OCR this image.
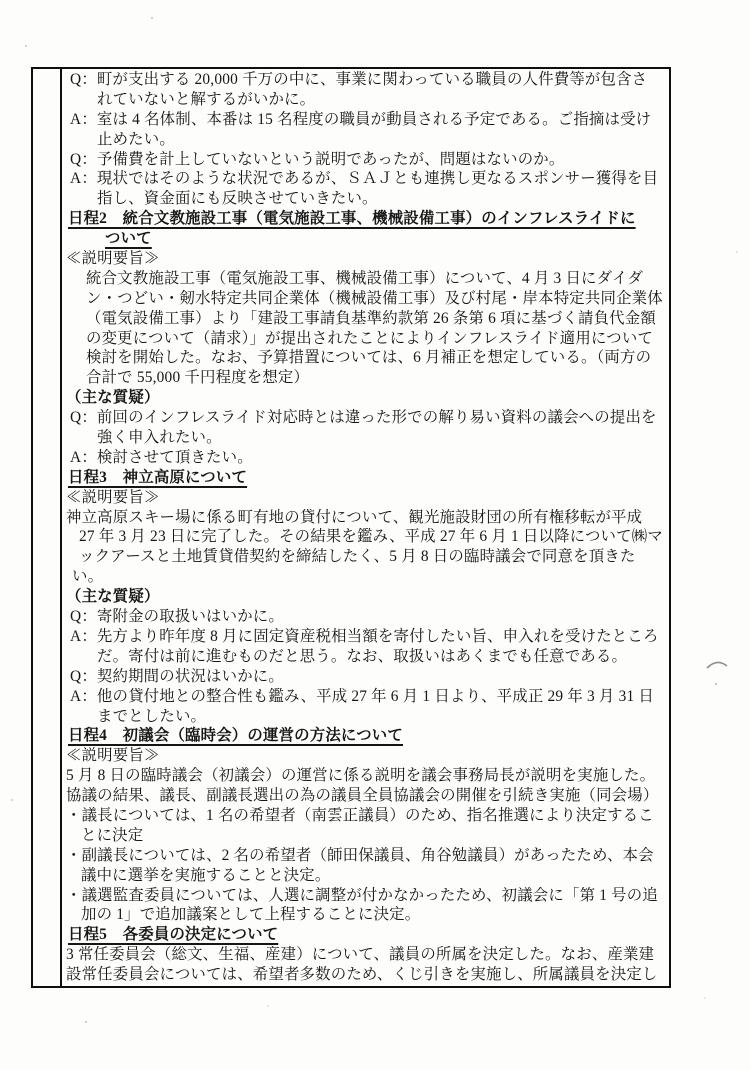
Q：町が支出する 20,000 千万の中に、事業に関わっている職員の人件費等が包含さ
れていないと解するがいかに。
A：室は 4 名体制、本番は 15 名程度の職員が動員される予定である。ご指摘は受け
止めたい。
Q：予備費を計上していないという説明であったが、問題はないのか。
A：現状ではそのような状況であるが、ＳＡＪとも連携し更なるスポンサー獲得を目
指し、資金面にも反映させていきたい。
日程2　統合文教施設工事（電気施設工事、機械設備工事）のインフレスライドに
ついて
≪説明要旨≫
統合文教施設工事（電気施設工事、機械設備工事）について、4 月 3 日にダイダ
ン・つどい・剱水特定共同企業体（機械設備工事）及び村尾・岸本特定共同企業体
（電気設備工事）より「建設工事請負基準約款第 26 条第 6 項に基づく請負代金額
の変更について（請求）」が提出されたことによりインフレスライド適用について
検討を開始した。なお、予算措置については、6 月補正を想定している。（両方の
合計で 55,000 千円程度を想定）
（主な質疑）
Q：前回のインフレスライド対応時とは違った形での解り易い資料の議会への提出を
強く申入れたい。
A：検討させて頂きたい。
日程3　神立高原について
≪説明要旨≫
神立高原スキー場に係る町有地の貸付について、観光施設財団の所有権移転が平成
27 年 3 月 23 日に完了した。その結果を鑑み、平成 27 年 6 月 1 日以降について㈱マ
ックアースと土地賃貸借契約を締結したく、5 月 8 日の臨時議会で同意を頂きた
い。
（主な質疑）
Q：寄附金の取扱いはいかに。
A：先方より昨年度 8 月に固定資産税相当額を寄付したい旨、申入れを受けたところ
だ。寄付は前に進むものだと思う。なお、取扱いはあくまでも任意である。
Q：契約期間の状況はいかに。
A：他の貸付地との整合性も鑑み、平成 27 年 6 月 1 日より、平成正 29 年 3 月 31 日
までとしたい。
日程4　初議会（臨時会）の運営の方法について
≪説明要旨≫
5 月 8 日の臨時議会（初議会）の運営に係る説明を議会事務局長が説明を実施した。
協議の結果、議長、副議長選出の為の議員全員協議会の開催を引続き実施（同会場）
・議長については、1 名の希望者（南雲正議員）のため、指名推選により決定するこ
とに決定
・副議長については、2 名の希望者（師田保議員、角谷勉議員）があったため、本会
議中に選挙を実施することと決定。
・議選監査委員については、人選に調整が付かなかったため、初議会に「第 1 号の追
加の 1」で追加議案として上程することに決定。
日程5　各委員の決定について
3 常任委員会（総文、生福、産建）について、議員の所属を決定した。なお、産業建
設常任委員会については、希望者多数のため、くじ引きを実施し、所属議員を決定し
